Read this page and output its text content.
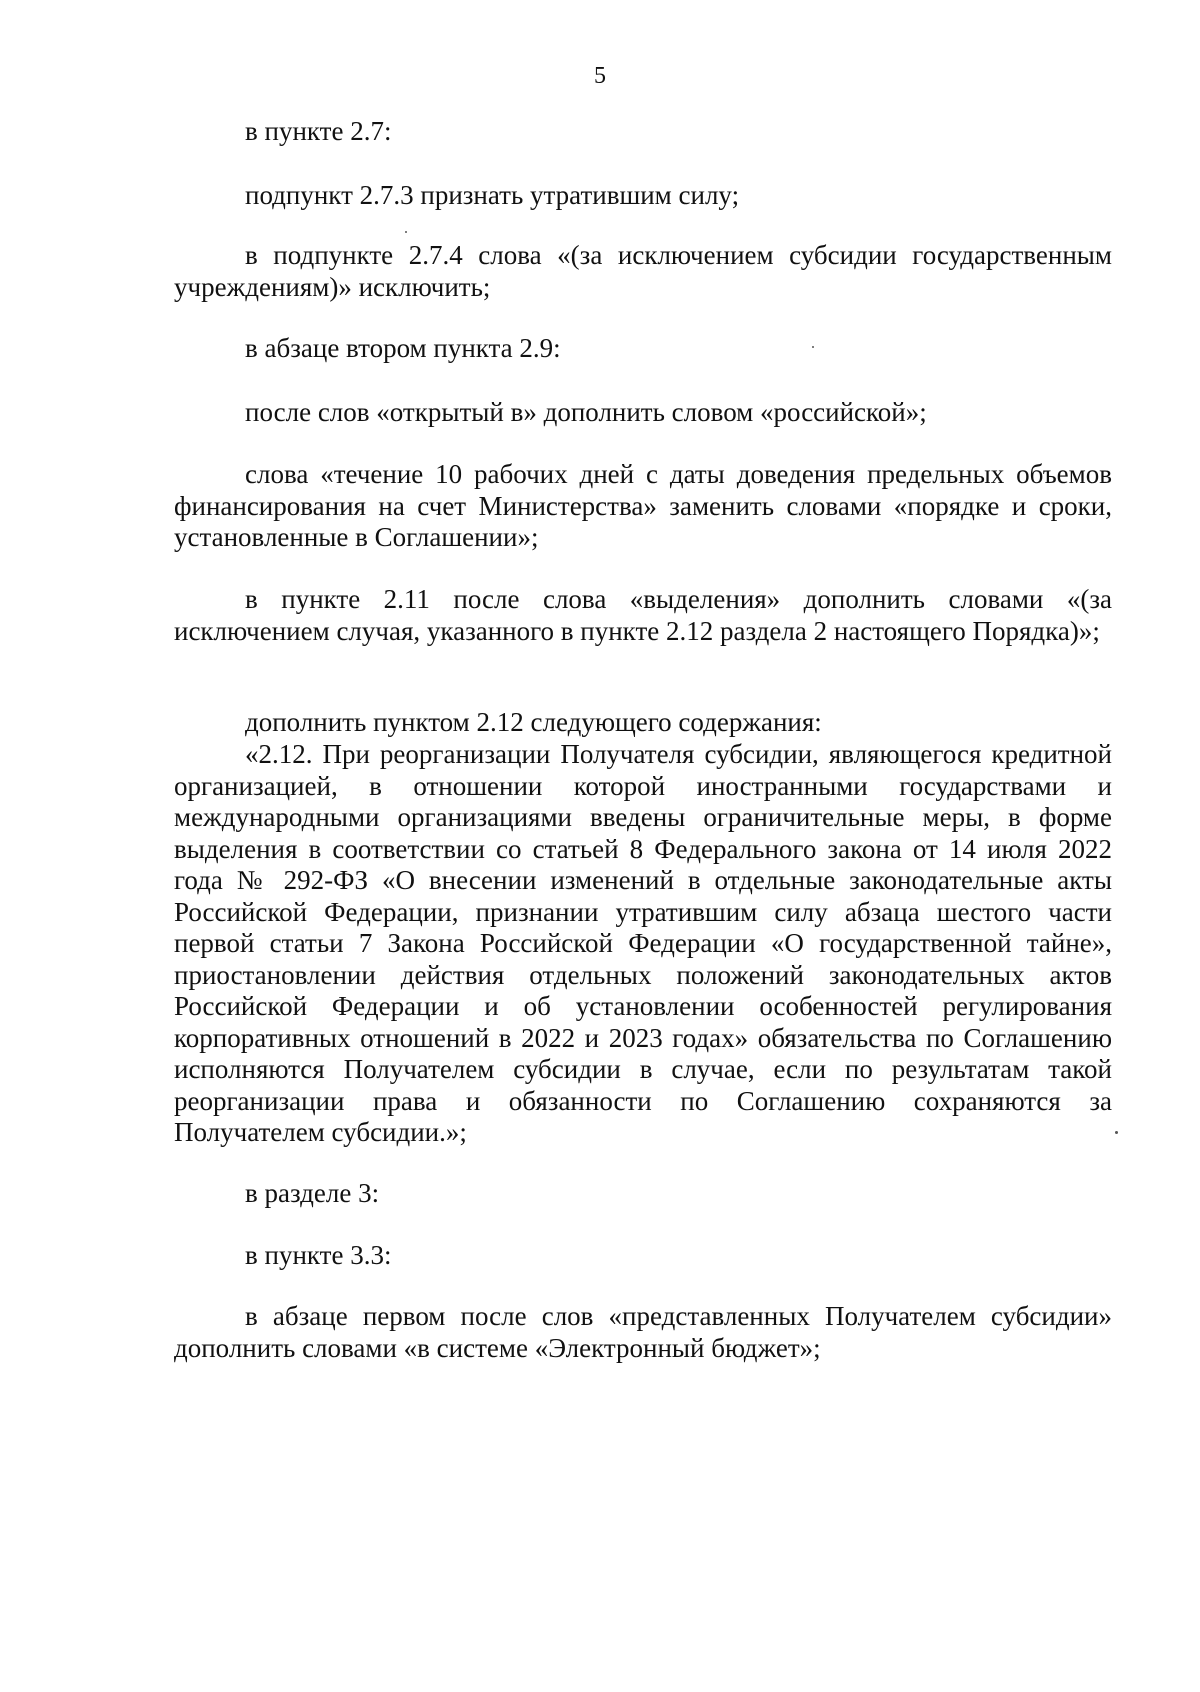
5

в пункте 2.7:

подпункт 2.7.3 признать утратившим силу;

в подпункте 2.7.4 слова «(за исключением субсидии государственным учреждениям)» исключить;

в абзаце втором пункта 2.9:

после слов «открытый в» дополнить словом «российской»;

слова «течение 10 рабочих дней с даты доведения предельных объемов финансирования на счет Министерства» заменить словами «порядке и сроки, установленные в Соглашении»;

в пункте 2.11 после слова «выделения» дополнить словами «(за исключением случая, указанного в пункте 2.12 раздела 2 настоящего Порядка)»;

дополнить пунктом 2.12 следующего содержания:

«2.12. При реорганизации Получателя субсидии, являющегося кредитной организацией, в отношении которой иностранными государствами и международными организациями введены ограничительные меры, в форме выделения в соответствии со статьей 8 Федерального закона от 14 июля 2022 года № 292-ФЗ «О внесении изменений в отдельные законодательные акты Российской Федерации, признании утратившим силу абзаца шестого части первой статьи 7 Закона Российской Федерации «О государственной тайне», приостановлении действия отдельных положений законодательных актов Российской Федерации и об установлении особенностей регулирования корпоративных отношений в 2022 и 2023 годах» обязательства по Соглашению исполняются Получателем субсидии в случае, если по результатам такой реорганизации права и обязанности по Соглашению сохраняются за Получателем субсидии.»;

в разделе 3:

в пункте 3.3:

в абзаце первом после слов «представленных Получателем субсидии» дополнить словами «в системе «Электронный бюджет»;
